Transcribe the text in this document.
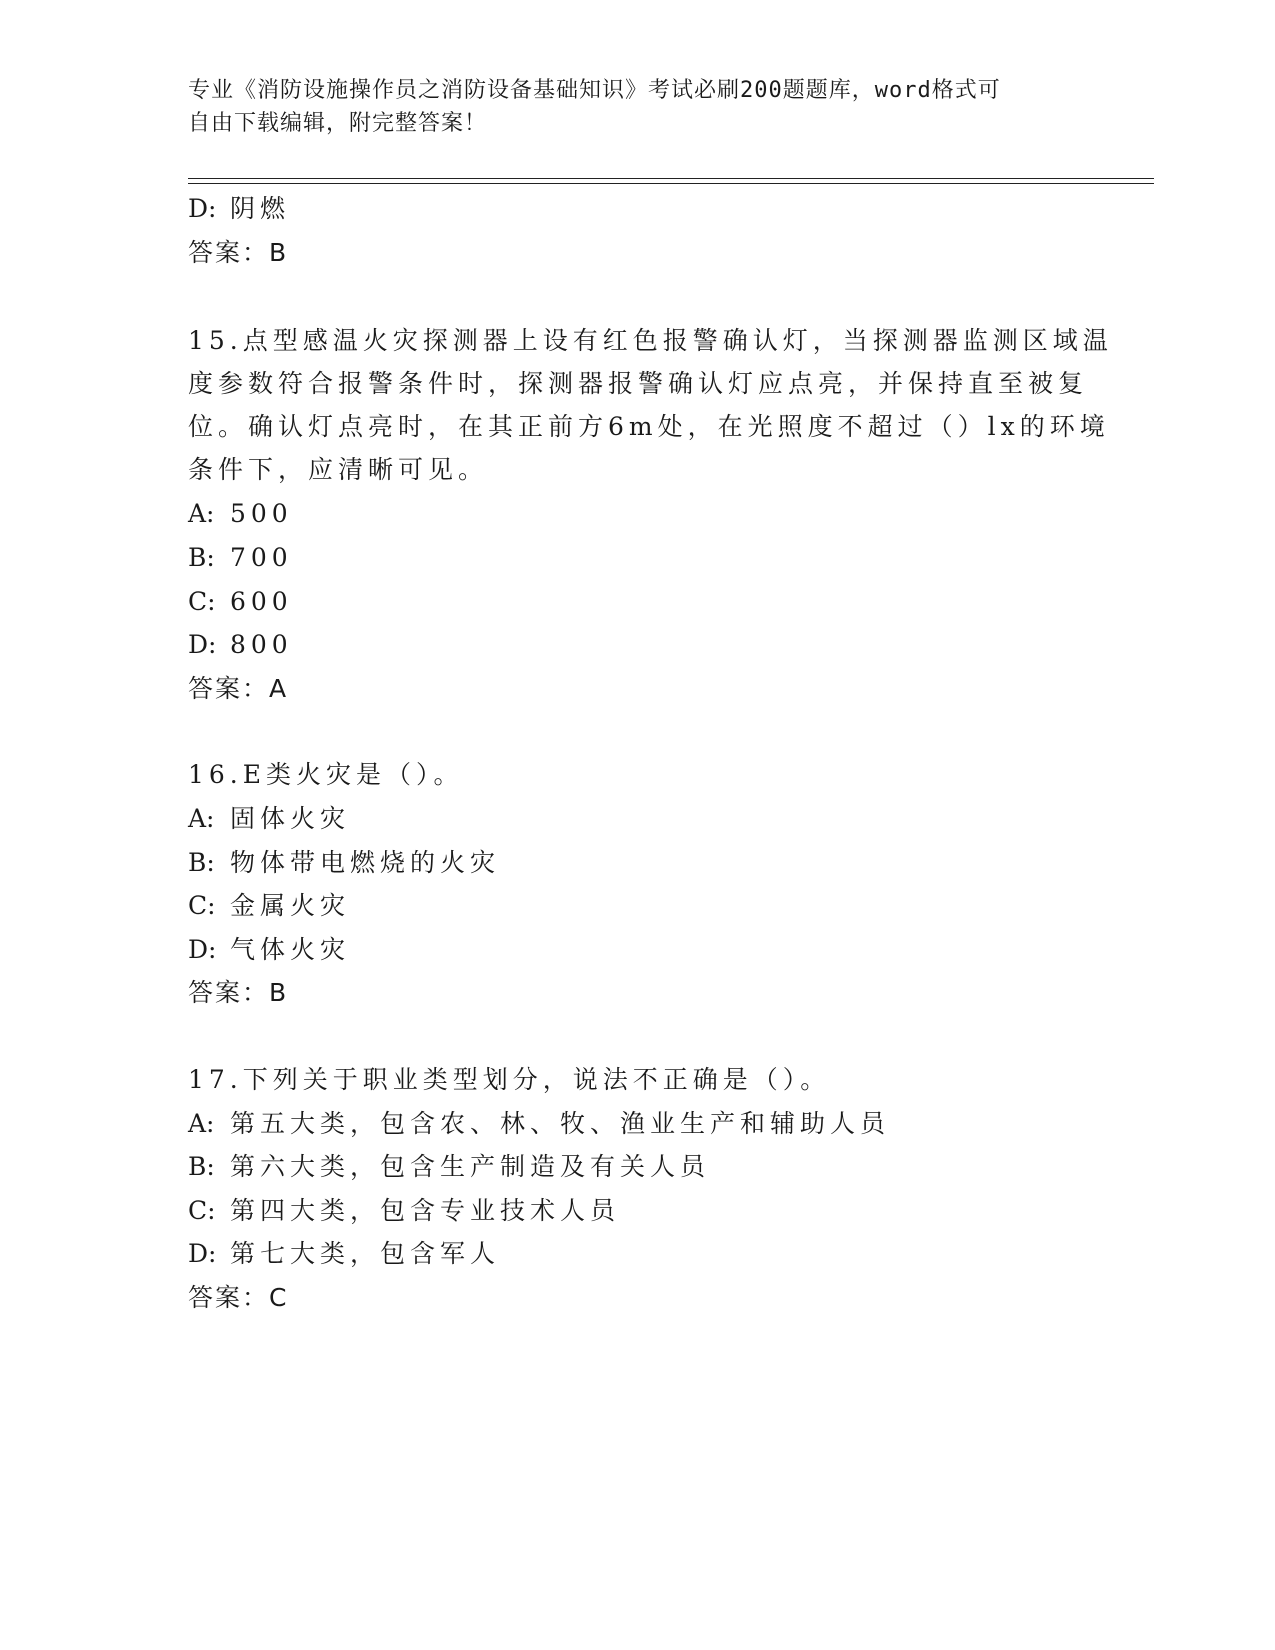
专业《消防设施操作员之消防设备基础知识》考试必刷200题题库，word格式可
自由下载编辑，附完整答案！
D: 阴燃
答案：B
15.点型感温火灾探测器上设有红色报警确认灯，当探测器监测区域温
度参数符合报警条件时，探测器报警确认灯应点亮，并保持直至被复
位。确认灯点亮时，在其正前方6m处，在光照度不超过（）lx的环境
条件下，应清晰可见。
A: 500
B: 700
C: 600
D: 800
答案：A
16.E类火灾是（）。
A: 固体火灾
B: 物体带电燃烧的火灾
C: 金属火灾
D: 气体火灾
答案：B
17.下列关于职业类型划分，说法不正确是（）。
A: 第五大类，包含农、林、牧、渔业生产和辅助人员
B: 第六大类，包含生产制造及有关人员
C: 第四大类，包含专业技术人员
D: 第七大类，包含军人
答案：C
